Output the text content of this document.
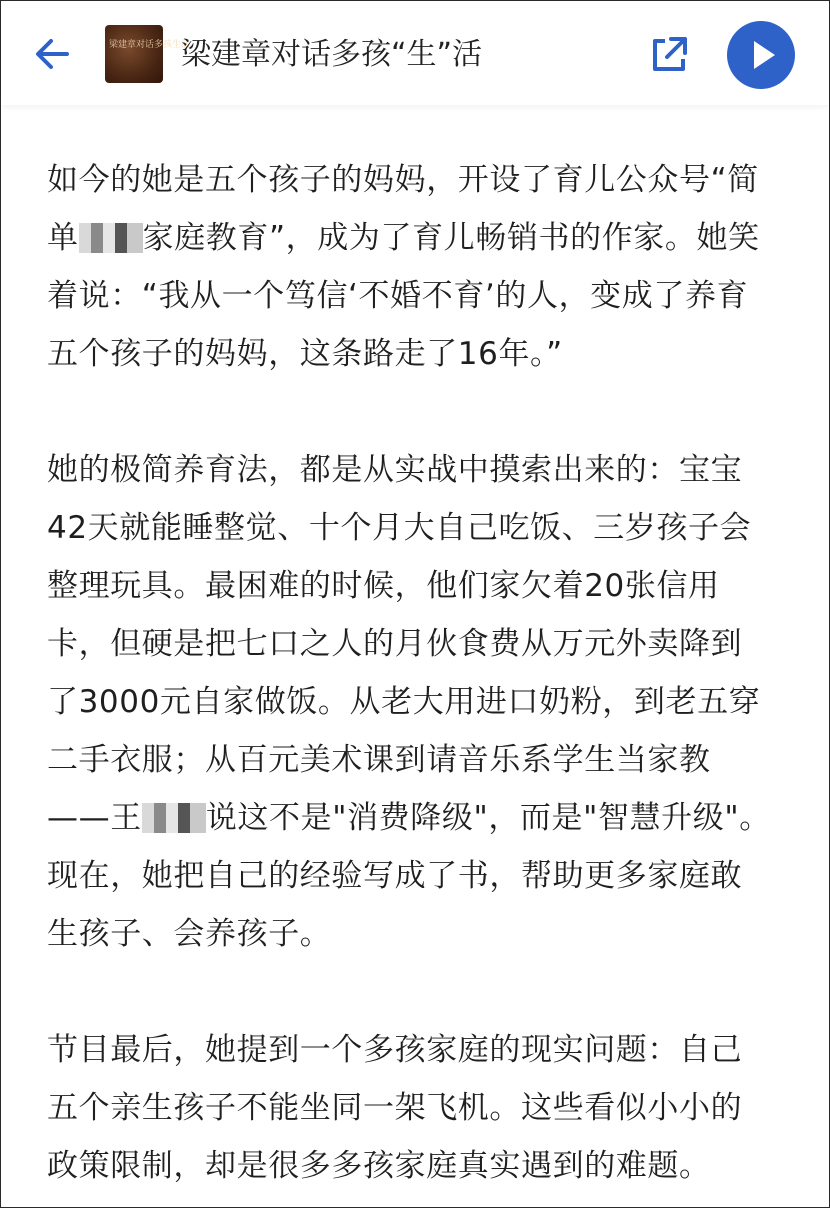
梁建章对话多孩生活
梁建章对话多孩“生”活

如今的她是五个孩子的妈妈，开设了育儿公众号“简
单 家庭教育”，成为了育儿畅销书的作家。她笑
着说：“我从一个笃信‘不婚不育’的人，变成了养育
五个孩子的妈妈，这条路走了16年。”

她的极简养育法，都是从实战中摸索出来的：宝宝
42天就能睡整觉、十个月大自己吃饭、三岁孩子会
整理玩具。最困难的时候，他们家欠着20张信用
卡，但硬是把七口之人的月伙食费从万元外卖降到
了3000元自家做饭。从老大用进口奶粉，到老五穿
二手衣服；从百元美术课到请音乐系学生当家教
——王 说这不是"消费降级"，而是"智慧升级"。
现在，她把自己的经验写成了书，帮助更多家庭敢
生孩子、会养孩子。

节目最后，她提到一个多孩家庭的现实问题：自己
五个亲生孩子不能坐同一架飞机。这些看似小小的
政策限制，却是很多多孩家庭真实遇到的难题。
